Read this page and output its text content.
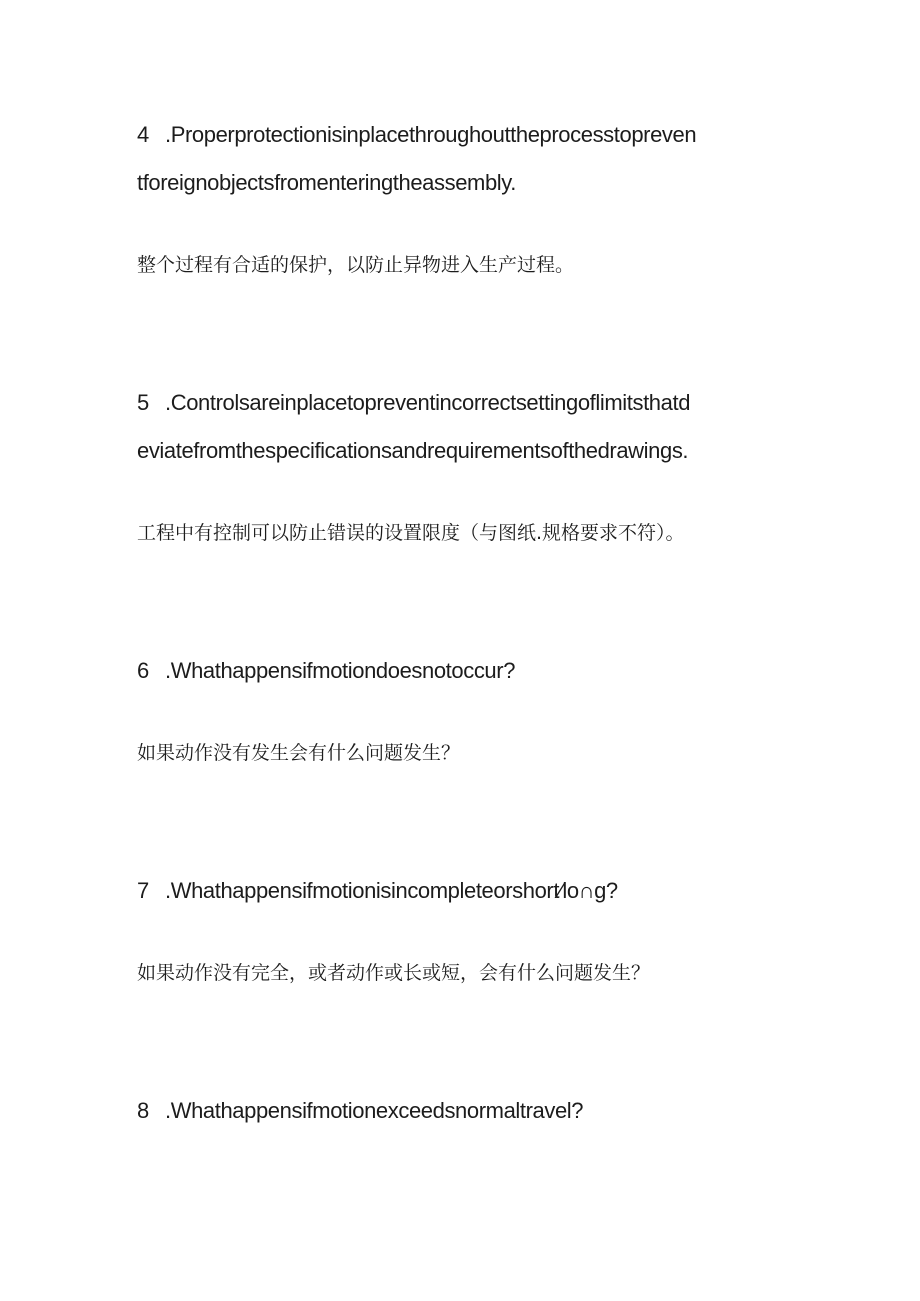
4 .Properprotectionisinplacethroughouttheprocesstopreven

tforeignobjectsfromenteringtheassembly.

整个过程有合适的保护，以防止异物进入生产过程。

5 .Controlsareinplacetopreventincorrectsettingoflimitsthatd

eviatefromthespecificationsandrequirementsofthedrawings.

工程中有控制可以防止错误的设置限度（与图纸.规格要求不符）。

6 .Whathappensifmotiondoesnotoccur?

如果动作没有发生会有什么问题发生？

7 .Whathappensifmotionisincompleteorshort∕lo∩g?

如果动作没有完全，或者动作或长或短，会有什么问题发生？

8 .Whathappensifmotionexceedsnormaltravel?
